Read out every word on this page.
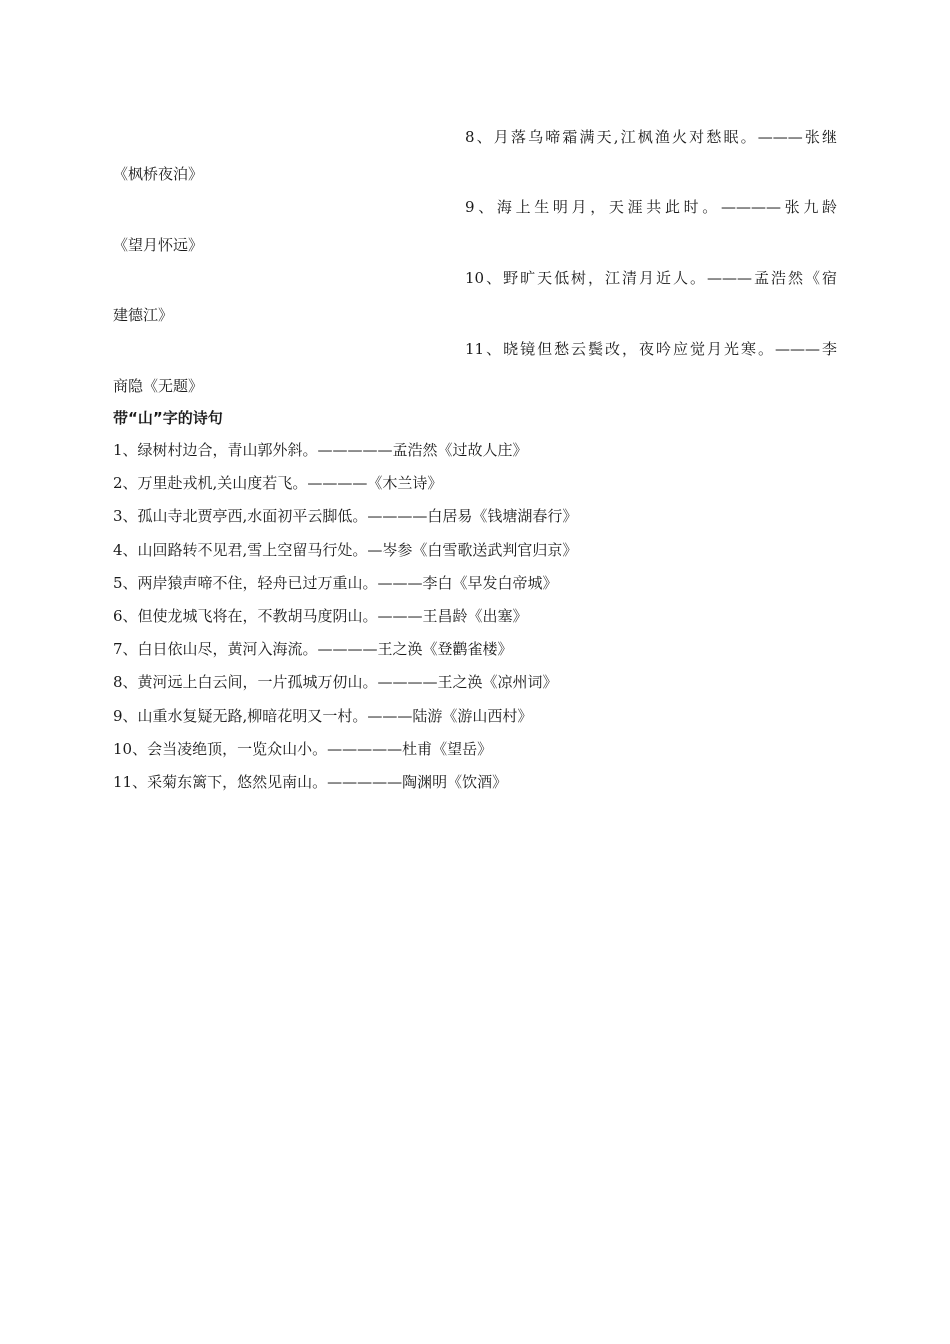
8、月落乌啼霜满天,江枫渔火对愁眠。———张继
《枫桥夜泊》
9、海上生明月，天涯共此时。————张九龄
《望月怀远》
10、野旷天低树，江清月近人。———孟浩然《宿
建德江》
11、晓镜但愁云鬓改，夜吟应觉月光寒。———李
商隐《无题》
带“山”字的诗句
1、绿树村边合，青山郭外斜。—————孟浩然《过故人庄》
2、万里赴戎机,关山度若飞。————《木兰诗》
3、孤山寺北贾亭西,水面初平云脚低。————白居易《钱塘湖春行》
4、山回路转不见君,雪上空留马行处。—岑参《白雪歌送武判官归京》
5、两岸猿声啼不住，轻舟已过万重山。———李白《早发白帝城》
6、但使龙城飞将在，不教胡马度阴山。———王昌龄《出塞》
7、白日依山尽，黄河入海流。————王之涣《登鹳雀楼》
8、黄河远上白云间，一片孤城万仞山。————王之涣《凉州词》
9、山重水复疑无路,柳暗花明又一村。———陆游《游山西村》
10、会当凌绝顶，一览众山小。—————杜甫《望岳》
11、采菊东篱下，悠然见南山。—————陶渊明《饮酒》
